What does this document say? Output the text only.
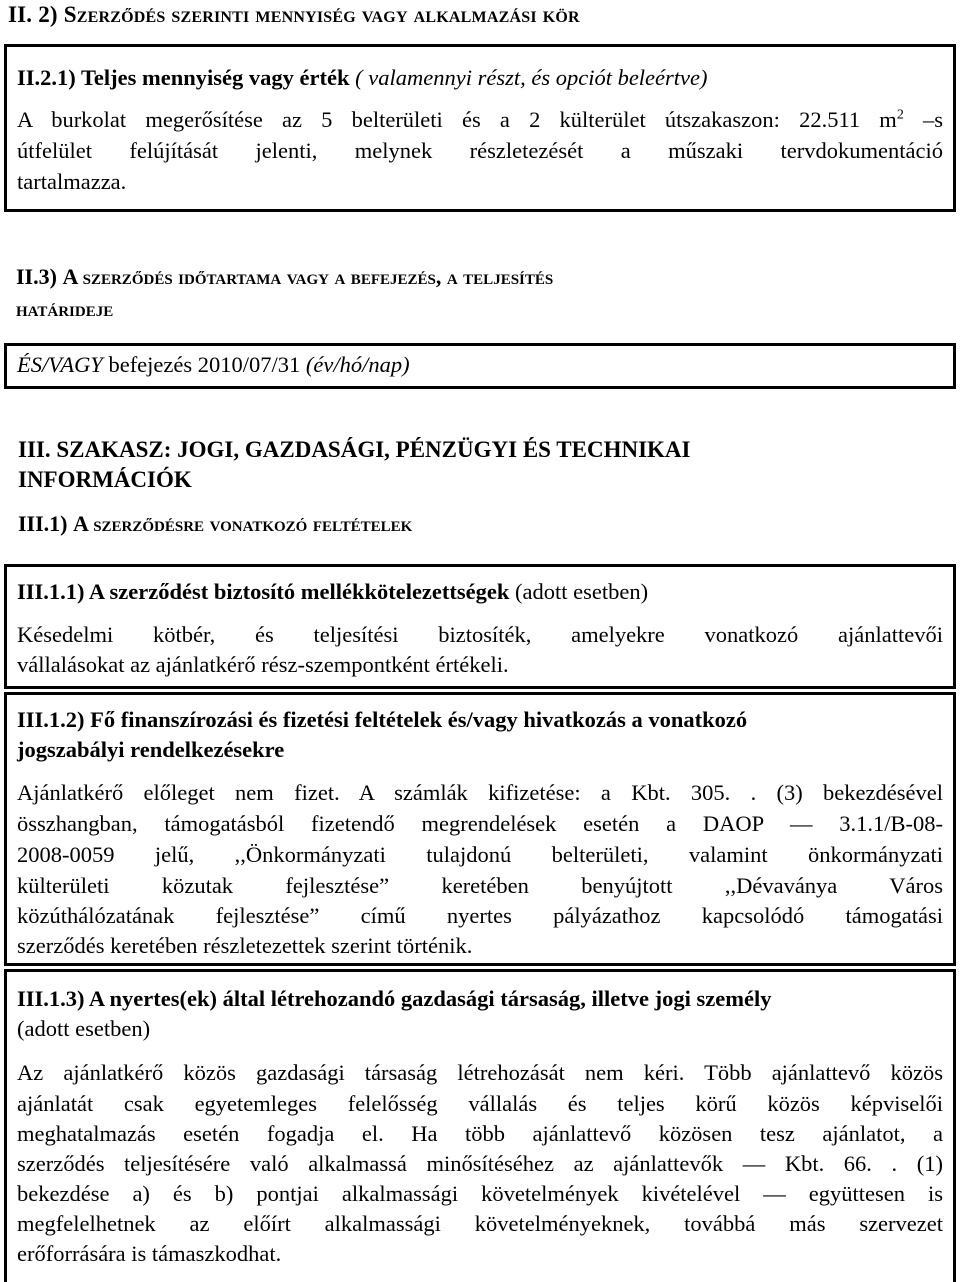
II. 2) Szerződés szerinti mennyiség vagy alkalmazási kör
II.2.1) Teljes mennyiség vagy érték ( valamennyi részt, és opciót beleértve)
A burkolat megerősítése az 5 belterületi és a 2 külterület útszakaszon: 22.511 $m^2$ –s
útfelület felújítását jelenti, melynek részletezését a műszaki tervdokumentáció
tartalmazza.
II.3) A szerződés időtartama vagy a befejezés, a teljesítés
határideje
ÉS/VAGY befejezés 2010/07/31 (év/hó/nap)
III. SZAKASZ: JOGI, GAZDASÁGI, PÉNZÜGYI ÉS TECHNIKAI
INFORMÁCIÓK
III.1) A szerződésre vonatkozó feltételek
III.1.1) A szerződést biztosító mellékkötelezettségek (adott esetben)
Késedelmi kötbér, és teljesítési biztosíték, amelyekre vonatkozó ajánlattevői
vállalásokat az ajánlatkérő rész-szempontként értékeli.
III.1.2) Fő finanszírozási és fizetési feltételek és/vagy hivatkozás a vonatkozó
jogszabályi rendelkezésekre
Ajánlatkérő előleget nem fizet. A számlák kifizetése: a Kbt. 305. . (3) bekezdésével
összhangban, támogatásból fizetendő megrendelések esetén a DAOP — 3.1.1/B-08-
2008-0059 jelű, ,,Önkormányzati tulajdonú belterületi, valamint önkormányzati
külterületi közutak fejlesztése” keretében benyújtott ,,Dévaványa Város
közúthálózatának fejlesztése” című nyertes pályázathoz kapcsolódó támogatási
szerződés keretében részletezettek szerint történik.
III.1.3) A nyertes(ek) által létrehozandó gazdasági társaság, illetve jogi személy
(adott esetben)
Az ajánlatkérő közös gazdasági társaság létrehozását nem kéri. Több ajánlattevő közös
ajánlatát csak egyetemleges felelősség vállalás és teljes körű közös képviselői
meghatalmazás esetén fogadja el. Ha több ajánlattevő közösen tesz ajánlatot, a
szerződés teljesítésére való alkalmassá minősítéséhez az ajánlattevők — Kbt. 66. . (1)
bekezdése a) és b) pontjai alkalmassági követelmények kivételével — együttesen is
megfelelhetnek az előírt alkalmassági követelményeknek, továbbá más szervezet
erőforrására is támaszkodhat.
